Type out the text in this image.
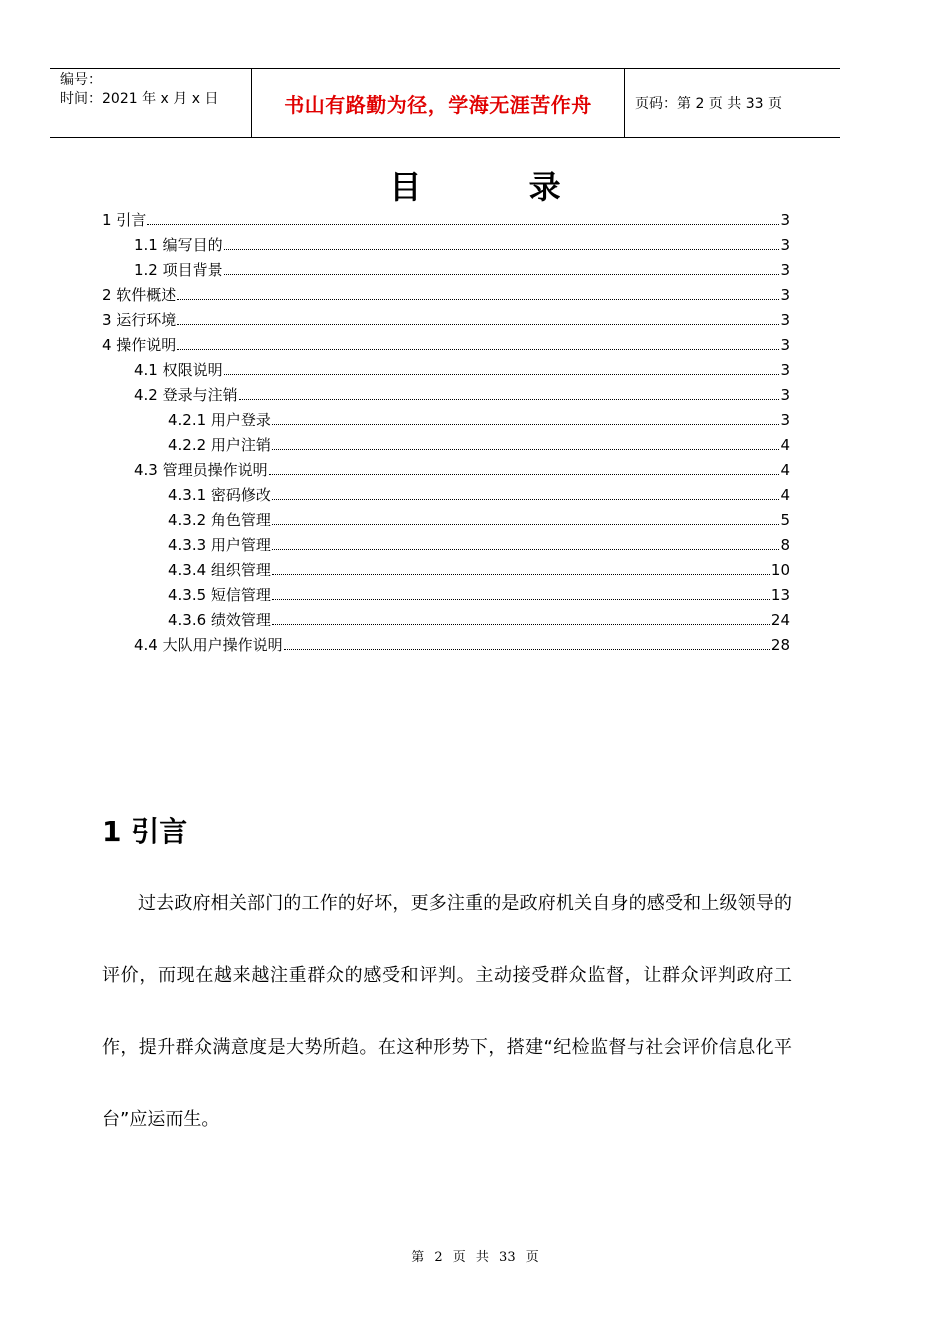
编号：
时间：2021 年 x 月 x 日	书山有路勤为径，学海无涯苦作舟	页码：第 2 页 共 33 页
目 录
1 引言	3
1.1 编写目的	3
1.2 项目背景	3
2 软件概述	3
3 运行环境	3
4 操作说明	3
4.1 权限说明	3
4.2 登录与注销	3
4.2.1 用户登录	3
4.2.2 用户注销	4
4.3 管理员操作说明	4
4.3.1 密码修改	4
4.3.2 角色管理	5
4.3.3 用户管理	8
4.3.4 组织管理	10
4.3.5 短信管理	13
4.3.6 绩效管理	24
4.4 大队用户操作说明	28
1 引言
过去政府相关部门的工作的好坏，更多注重的是政府机关自身的感受和上级领导的评价，而现在越来越注重群众的感受和评判。主动接受群众监督，让群众评判政府工作，提升群众满意度是大势所趋。在这种形势下，搭建“纪检监督与社会评价信息化平台”应运而生。
第 2 页 共 33 页
